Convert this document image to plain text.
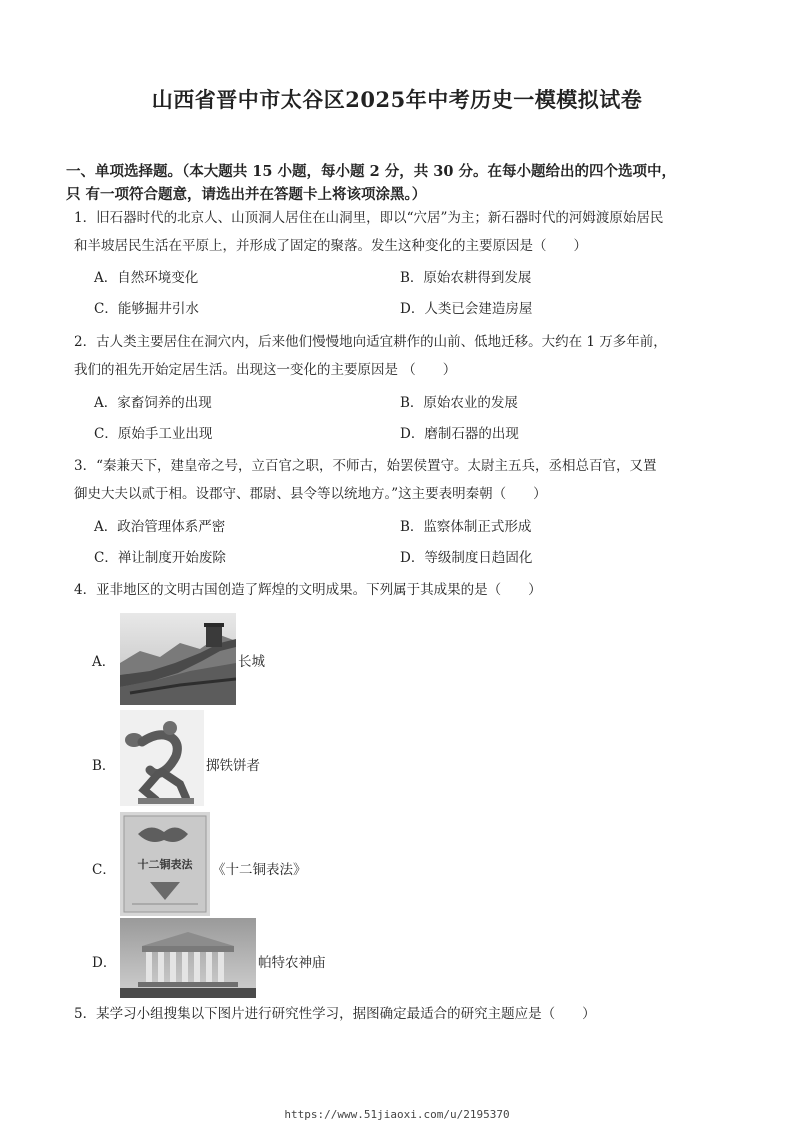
山西省晋中市太谷区2025年中考历史一模模拟试卷
一、单项选择题。（本大题共 15 小题，每小题 2 分，共 30 分。在每小题给出的四个选项中，
只 有一项符合题意，请选出并在答题卡上将该项涂黑。）
1．旧石器时代的北京人、山顶洞人居住在山洞里，即以“穴居”为主；新石器时代的河姆渡原始居民
和半坡居民生活在平原上，并形成了固定的聚落。发生这种变化的主要原因是（　　）
A．自然环境变化	B．原始农耕得到发展
C．能够掘井引水	D．人类已会建造房屋
2．古人类主要居住在洞穴内，后来他们慢慢地向适宜耕作的山前、低地迁移。大约在 1 万多年前，
我们的祖先开始定居生活。出现这一变化的主要原因是 （　　）
A．家畜饲养的出现	B．原始农业的发展
C．原始手工业出现	D．磨制石器的出现
3．“秦兼天下，建皇帝之号，立百官之职，不师古，始罢侯置守。太尉主五兵，丞相总百官，又置
御史大夫以贰于相。设郡守、郡尉、县令等以统地方。”这主要表明秦朝（　　）
A．政治管理体系严密	B．监察体制正式形成
C．禅让制度开始废除	D．等级制度日趋固化
4．亚非地区的文明古国创造了辉煌的文明成果。下列属于其成果的是（　　）
A．	长城
B．	掷铁饼者
C．	十二铜表法	《十二铜表法》
D．	帕特农神庙
5．某学习小组搜集以下图片进行研究性学习，据图确定最适合的研究主题应是（　　）
https://www.51jiaoxi.com/u/2195370
